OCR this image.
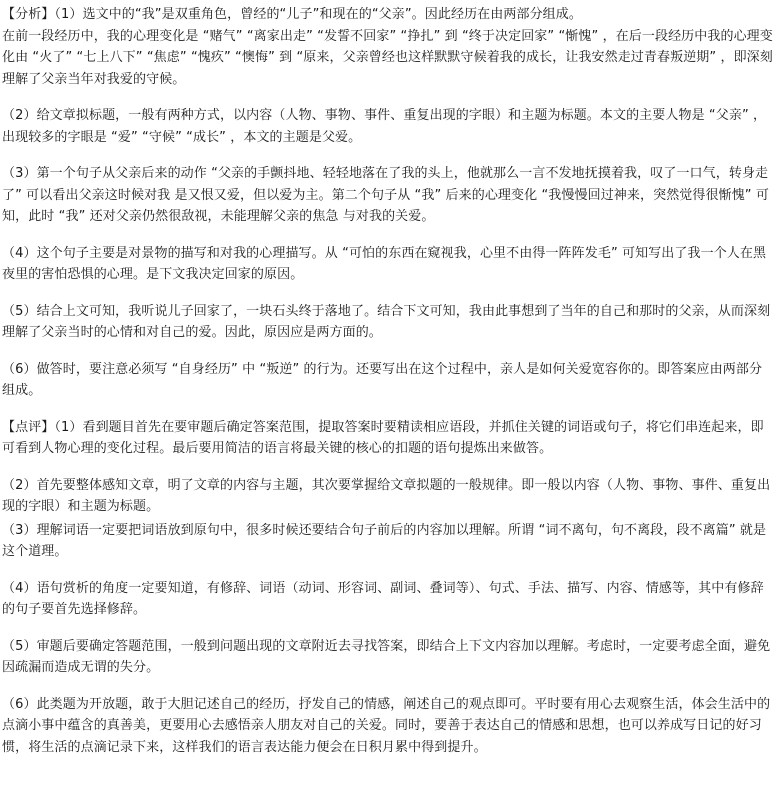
【分析】（1）选文中的“我”是双重角色，曾经的“儿子”和现在的“父亲”。因此经历在由两部分组成。

在前一段经历中，我的心理变化是 “赌气” “离家出走” “发誓不回家” “挣扎” 到 “终于决定回家” “惭愧” ，在后一段经历中我的心理变化由 “火了” “七上八下” “焦虑” “愧疚” “懊悔” 到 “原来，父亲曾经也这样默默守候着我的成长，让我安然走过青春叛逆期” ，即深刻理解了父亲当年对我爱的守候。

（2）给文章拟标题，一般有两种方式，以内容（人物、事物、事件、重复出现的字眼）和主题为标题。本文的主要人物是 “父亲” ，出现较多的字眼是 “爱” “守候” “成长” ，本文的主题是父爱。

（3）第一个句子从父亲后来的动作 “父亲的手颤抖地、轻轻地落在了我的头上，他就那么一言不发地抚摸着我，叹了一口气，转身走了” 可以看出父亲这时候对我 是又恨又爱，但以爱为主。第二个句子从 “我” 后来的心理变化 “我慢慢回过神来，突然觉得很惭愧” 可知，此时 “我” 还对父亲仍然很敌视，未能理解父亲的焦急 与对我的关爱。

（4）这个句子主要是对景物的描写和对我的心理描写。从 “可怕的东西在窥视我，心里不由得一阵阵发毛” 可知写出了我一个人在黑夜里的害怕恐惧的心理。是下文我决定回家的原因。

（5）结合上文可知，我听说儿子回家了，一块石头终于落地了。结合下文可知，我由此事想到了当年的自己和那时的父亲，从而深刻理解了父亲当时的心情和对自己的爱。因此，原因应是两方面的。

（6）做答时，要注意必须写 “自身经历” 中 “叛逆” 的行为。还要写出在这个过程中，亲人是如何关爱宽容你的。即答案应由两部分组成。

【点评】（1）看到题目首先在要审题后确定答案范围，提取答案时要精读相应语段，并抓住关键的词语或句子，将它们串连起来，即可看到人物心理的变化过程。最后要用简洁的语言将最关键的核心的扣题的语句提炼出来做答。

（2）首先要整体感知文章，明了文章的内容与主题，其次要掌握给文章拟题的一般规律。即一般以内容（人物、事物、事件、重复出现的字眼）和主题为标题。

（3）理解词语一定要把词语放到原句中，很多时候还要结合句子前后的内容加以理解。所谓 “词不离句，句不离段，段不离篇” 就是这个道理。

（4）语句赏析的角度一定要知道，有修辞、词语（动词、形容词、副词、叠词等）、句式、手法、描写、内容、情感等，其中有修辞的句子要首先选择修辞。

（5）审题后要确定答题范围，一般到问题出现的文章附近去寻找答案，即结合上下文内容加以理解。考虑时，一定要考虑全面，避免因疏漏而造成无谓的失分。

（6）此类题为开放题，敢于大胆记述自己的经历，抒发自己的情感，阐述自己的观点即可。平时要有用心去观察生活，体会生活中的点滴小事中蕴含的真善美，更要用心去感悟亲人朋友对自己的关爱。同时，要善于表达自己的情感和思想，也可以养成写日记的好习惯，将生活的点滴记录下来，这样我们的语言表达能力便会在日积月累中得到提升。
